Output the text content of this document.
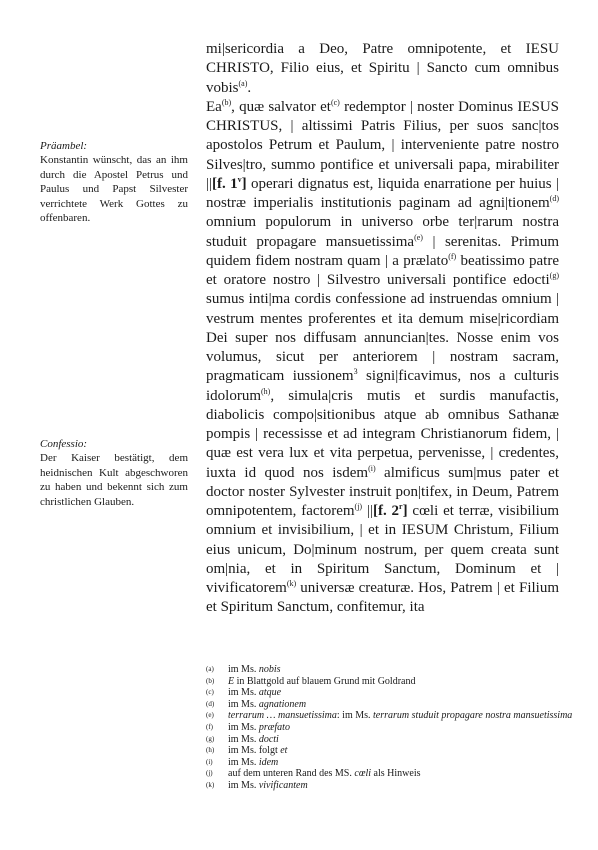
Präambel:
Konstantin wünscht, das an ihm durch die Apostel Petrus und Paulus und Papst Silvester verrichtete Werk Gottes zu offenbaren.
Confessio:
Der Kaiser bestätigt, dem heidnischen Kult abgeschworen zu haben und bekennt sich zum christlichen Glauben.

mi|sericordia a Deo, Patre omnipotente, et IESU CHRISTO, Filio eius, et Spiritu | Sancto cum omnibus vobis$^{(a)}$.

Ea$^{(b)}$, quæ salvator $et^{(c)}$ redemptor | noster Dominus IESUS CHRISTUS, | altissimi Patris Filius, per suos sanc|tos apostolos Petrum et Paulum, | interveniente patre nostro Silves|tro, summo pontifice et universali papa, mirabiliter ||[f. 1$^v$] operari dignatus est, liquida enarratione per huius | nostræ imperialis institutionis paginam ad agni|tionem$^{(d)}$ omnium populorum in universo orbe ter|rarum nostra studuit propagare mansuetissima$^{(e)}$ | serenitas. Primum quidem fidem nostram quam | a prælato$^{(f)}$ beatissimo patre et oratore nostro | Silvestro universali pontifice edocti$^{(g)}$ sumus inti|ma cordis confessione ad instruendas omnium | vestrum mentes proferentes et ita demum mise|ricordiam Dei super nos diffusam annuncian|tes. Nosse enim vos volumus, sicut per anteriorem | nostram sacram, pragmaticam iussionem$^3$ signi|ficavimus, nos a culturis idolorum$^{(h)}$, simula|cris mutis et surdis manufactis, diabolicis compo|sitionibus atque ab omnibus Sathanæ pompis | recessisse et ad integram Christianorum fidem, | quæ est vera lux et vita perpetua, pervenisse, | credentes, iuxta id quod nos isdem$^{(i)}$ almificus sum|mus pater et doctor noster Sylvester instruit pon|tifex, in Deum, Patrem omnipotentem, factorem$^{(j)}$ ||[f. 2$^r$] cœli et terræ, visibilium omnium et invisibilium, | et in IESUM Christum, Filium eius unicum, Do|minum nostrum, per quem creata sunt om|nia, et in Spiritum Sanctum, Dominum et | vivificatorem$^{(k)}$ universæ creaturæ. Hos, Patrem | et Filium et Spiritum Sanctum, confitemur, ita

(a)	im Ms. nobis
(b)	E in Blattgold auf blauem Grund mit Goldrand
(c)	im Ms. atque
(d)	im Ms. agnationem
(e)	terrarum … mansuetissima: im Ms. terrarum studuit propagare nostra mansuetissima
(f)	im Ms. præfato
(g)	im Ms. docti
(h)	im Ms. folgt et
(i)	im Ms. idem
(j)	auf dem unteren Rand des MS. cœli als Hinweis
(k)	im Ms. vivificantem
